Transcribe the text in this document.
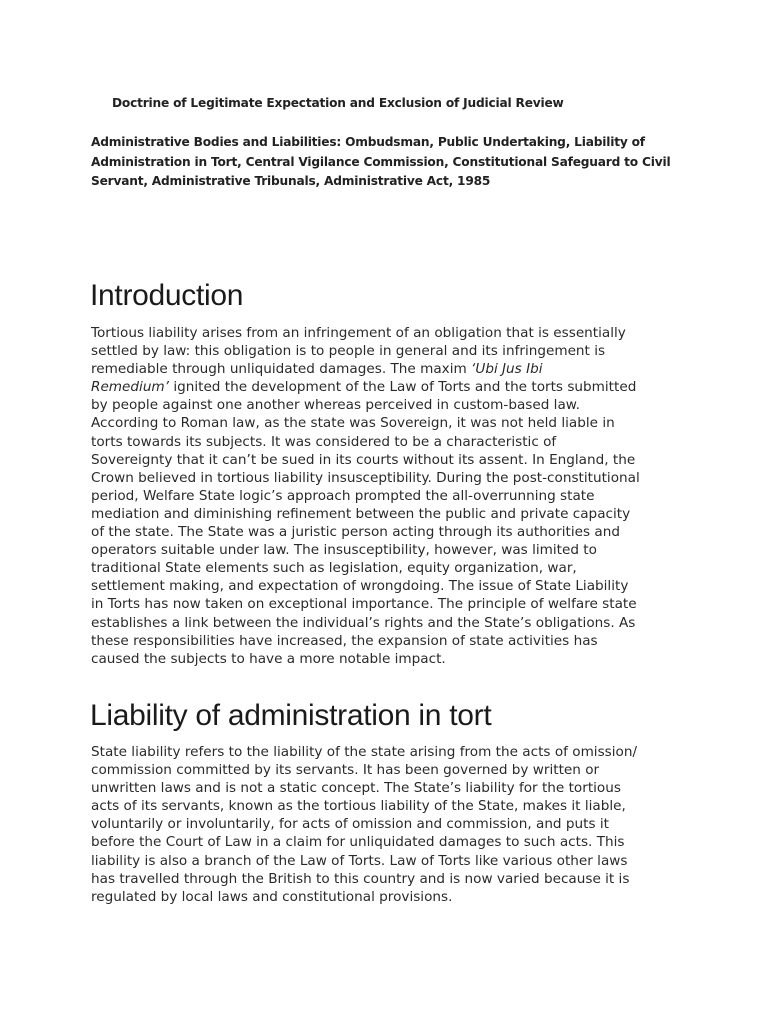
Doctrine of Legitimate Expectation and Exclusion of Judicial Review

Administrative Bodies and Liabilities: Ombudsman, Public Undertaking, Liability of
Administration in Tort, Central Vigilance Commission, Constitutional Safeguard to Civil
Servant, Administrative Tribunals, Administrative Act, 1985

Introduction

Tortious liability arises from an infringement of an obligation that is essentially
settled by law: this obligation is to people in general and its infringement is
remediable through unliquidated damages. The maxim ‘Ubi Jus Ibi
Remedium’ ignited the development of the Law of Torts and the torts submitted
by people against one another whereas perceived in custom-based law.
According to Roman law, as the state was Sovereign, it was not held liable in
torts towards its subjects. It was considered to be a characteristic of
Sovereignty that it can’t be sued in its courts without its assent. In England, the
Crown believed in tortious liability insusceptibility. During the post-constitutional
period, Welfare State logic’s approach prompted the all-overrunning state
mediation and diminishing refinement between the public and private capacity
of the state. The State was a juristic person acting through its authorities and
operators suitable under law. The insusceptibility, however, was limited to
traditional State elements such as legislation, equity organization, war,
settlement making, and expectation of wrongdoing. The issue of State Liability
in Torts has now taken on exceptional importance. The principle of welfare state
establishes a link between the individual’s rights and the State’s obligations. As
these responsibilities have increased, the expansion of state activities has
caused the subjects to have a more notable impact.

Liability of administration in tort

State liability refers to the liability of the state arising from the acts of omission/
commission committed by its servants. It has been governed by written or
unwritten laws and is not a static concept. The State’s liability for the tortious
acts of its servants, known as the tortious liability of the State, makes it liable,
voluntarily or involuntarily, for acts of omission and commission, and puts it
before the Court of Law in a claim for unliquidated damages to such acts. This
liability is also a branch of the Law of Torts. Law of Torts like various other laws
has travelled through the British to this country and is now varied because it is
regulated by local laws and constitutional provisions.
